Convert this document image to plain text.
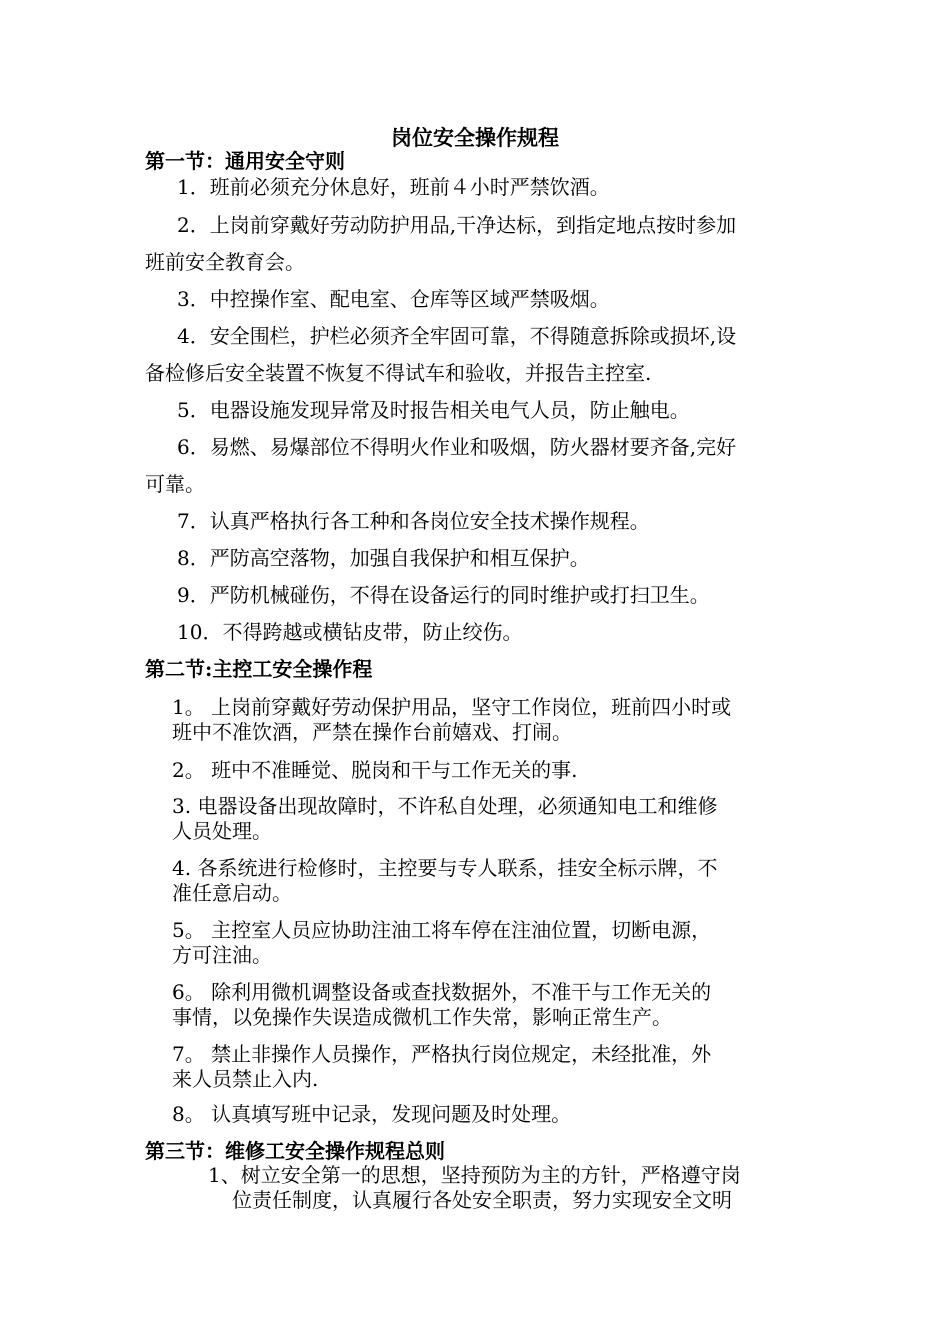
岗位安全操作规程
第一节：通用安全守则
1．班前必须充分休息好，班前４小时严禁饮酒。
2．上岗前穿戴好劳动防护用品,干净达标，到指定地点按时参加
班前安全教育会。
3．中控操作室、配电室、仓库等区域严禁吸烟。
4．安全围栏，护栏必须齐全牢固可靠，不得随意拆除或损坏,设
备检修后安全装置不恢复不得试车和验收，并报告主控室.
5．电器设施发现异常及时报告相关电气人员，防止触电。
6．易燃、易爆部位不得明火作业和吸烟，防火器材要齐备,完好
可靠。
7．认真严格执行各工种和各岗位安全技术操作规程。
8．严防高空落物，加强自我保护和相互保护。
9．严防机械碰伤，不得在设备运行的同时维护或打扫卫生。
10．不得跨越或横钻皮带，防止绞伤。
第二节:主控工安全操作程
1。 上岗前穿戴好劳动保护用品，坚守工作岗位，班前四小时或
班中不准饮酒，严禁在操作台前嬉戏、打闹。
2。 班中不准睡觉、脱岗和干与工作无关的事.
3. 电器设备出现故障时，不许私自处理，必须通知电工和维修
人员处理。
4. 各系统进行检修时，主控要与专人联系，挂安全标示牌，不
准任意启动。
5。 主控室人员应协助注油工将车停在注油位置，切断电源，
方可注油。
6。 除利用微机调整设备或查找数据外，不准干与工作无关的
事情，以免操作失误造成微机工作失常，影响正常生产。
7。 禁止非操作人员操作，严格执行岗位规定，未经批准，外
来人员禁止入内.
8。 认真填写班中记录，发现问题及时处理。
第三节：维修工安全操作规程总则
1、树立安全第一的思想，坚持预防为主的方针，严格遵守岗
位责任制度，认真履行各处安全职责，努力实现安全文明
